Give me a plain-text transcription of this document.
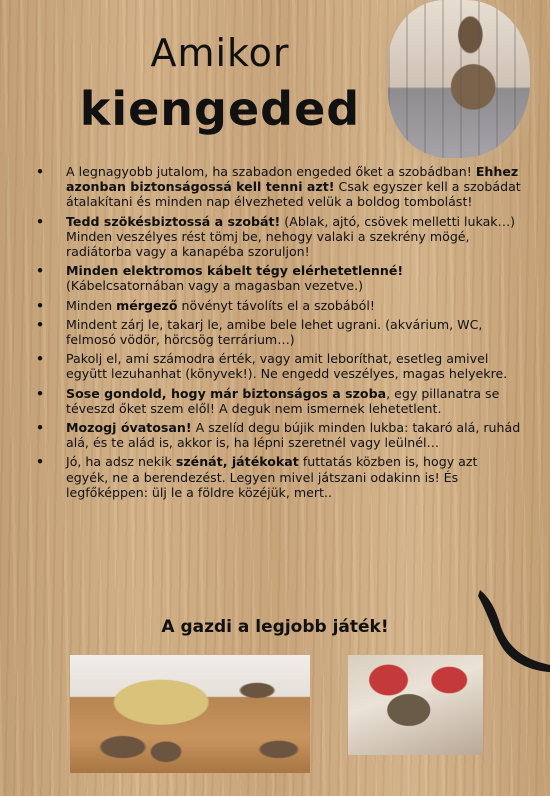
Amikor
kiengeded
• A legnagyobb jutalom, ha szabadon engeded őket a szobádban! Ehhez azonban biztonságossá kell tenni azt! Csak egyszer kell a szobádat átalakítani és minden nap élvezheted velük a boldog tombolást!
• Tedd szökésbiztossá a szobát! (Ablak, ajtó, csövek melletti lukak…) Minden veszélyes rést tömj be, nehogy valaki a szekrény mögé, radiátorba vagy a kanapéba szoruljon!
• Minden elektromos kábelt tégy elérhetetlenné! (Kábelcsatornában vagy a magasban vezetve.)
• Minden mérgező növényt távolíts el a szobából!
• Mindent zárj le, takarj le, amibe bele lehet ugrani. (akvárium, WC, felmosó vödör, hörcsög terrárium…)
• Pakolj el, ami számodra érték, vagy amit leboríthat, esetleg amivel együtt lezuhanhat (könyvek!). Ne engedd veszélyes, magas helyekre.
• Sose gondold, hogy már biztonságos a szoba, egy pillanatra se téveszd őket szem elől! A deguk nem ismernek lehetetlent.
• Mozogj óvatosan! A szelíd degu bújik minden lukba: takaró alá, ruhád alá, és te alád is, akkor is, ha lépni szeretnél vagy leülnél…
• Jó, ha adsz nekik szénát, játékokat futtatás közben is, hogy azt egyék, ne a berendezést. Legyen mivel játszani odakinn is! És legfőképpen: ülj le a földre közéjük, mert..
A gazdi a legjobb játék!
